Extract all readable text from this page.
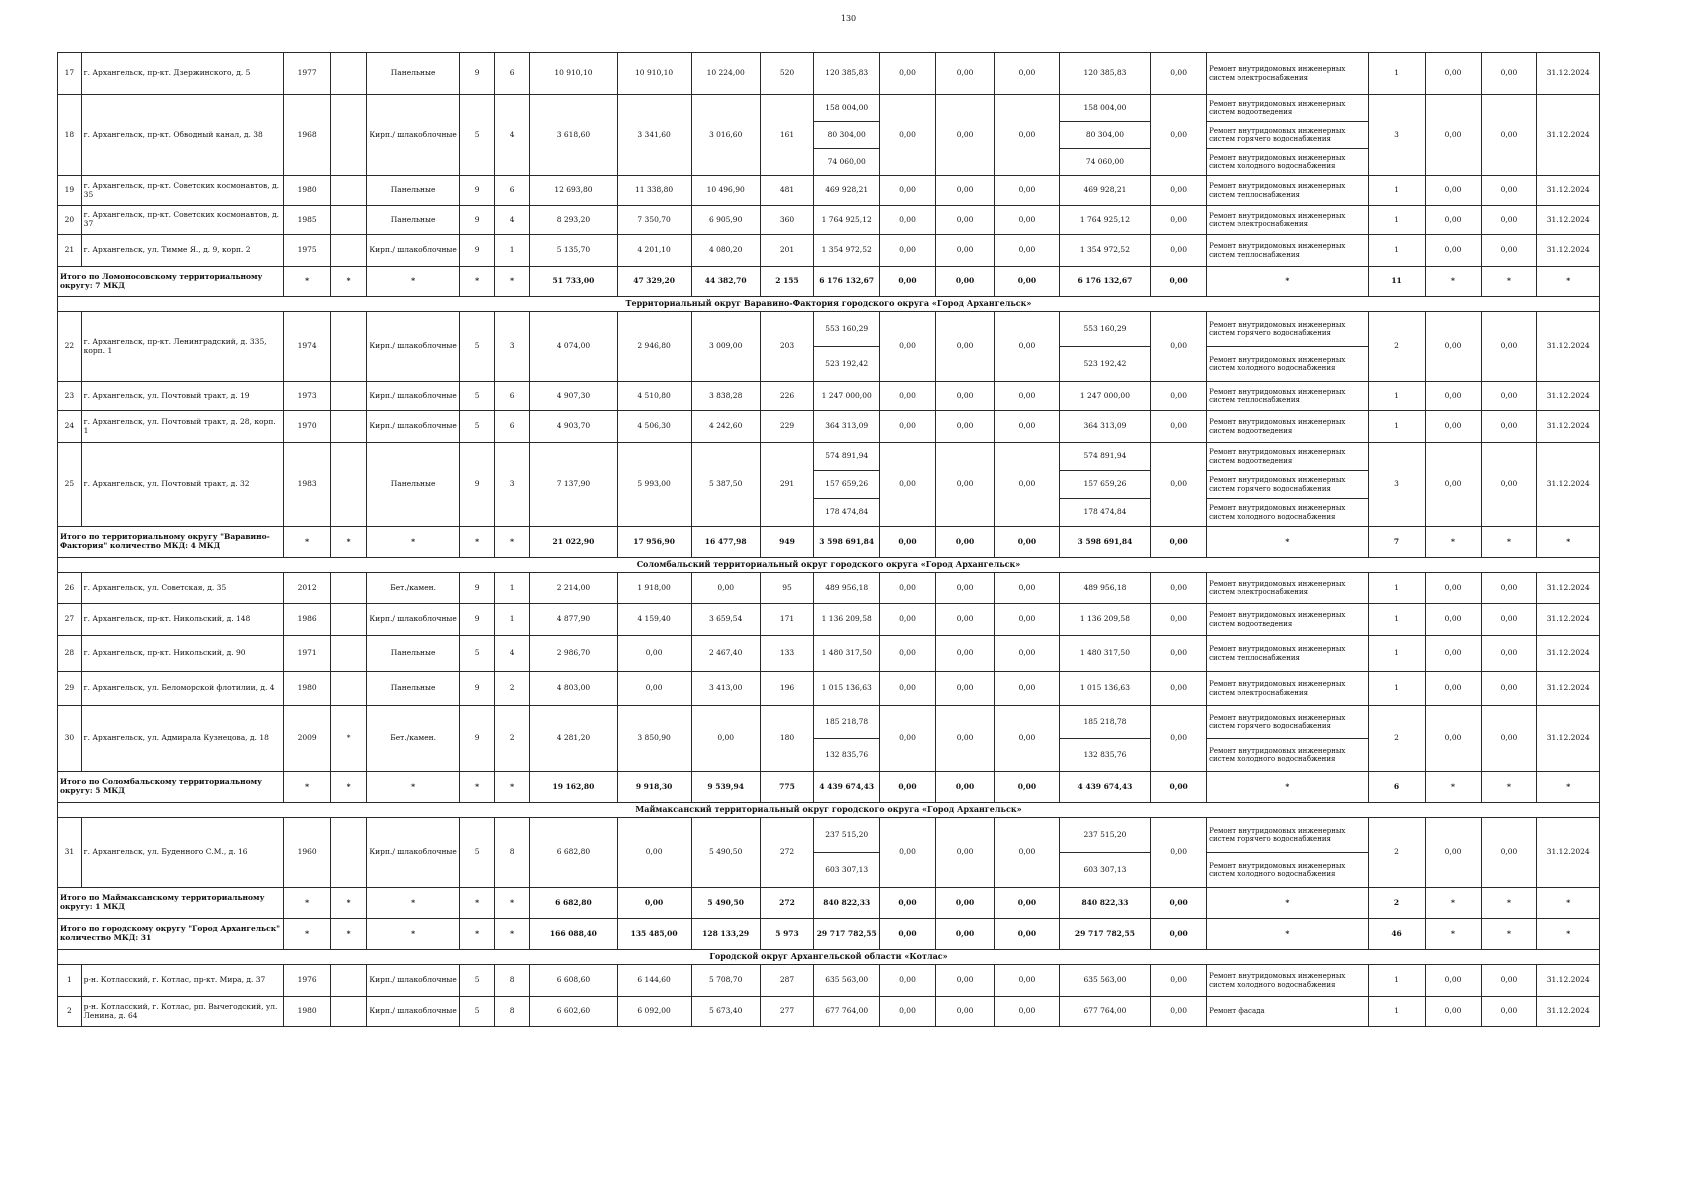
130
17	г. Архангельск, пр-кт. Дзержинского, д. 5	1977		Панельные	9	6	10 910,10	10 910,10	10 224,00	520	120 385,83	0,00	0,00	0,00	120 385,83	0,00	Ремонт внутридомовых инженерных систем электроснабжения	1	0,00	0,00	31.12.2024
18	г. Архангельск, пр-кт. Обводный канал, д. 38	1968		Кирп./ шлакоблочные	5	4	3 618,60	3 341,60	3 016,60	161	158 004,00	0,00	0,00	0,00	158 004,00	0,00	Ремонт внутридомовых инженерных систем водоотведения	3	0,00	0,00	31.12.2024
											80 304,00				80 304,00		Ремонт внутридомовых инженерных систем горячего водоснабжения				
											74 060,00				74 060,00		Ремонт внутридомовых инженерных систем холодного водоснабжения				
19	г. Архангельск, пр-кт. Советских космонавтов, д. 35	1980		Панельные	9	6	12 693,80	11 338,80	10 496,90	481	469 928,21	0,00	0,00	0,00	469 928,21	0,00	Ремонт внутридомовых инженерных систем теплоснабжения	1	0,00	0,00	31.12.2024
20	г. Архангельск, пр-кт. Советских космонавтов, д. 37	1985		Панельные	9	4	8 293,20	7 350,70	6 905,90	360	1 764 925,12	0,00	0,00	0,00	1 764 925,12	0,00	Ремонт внутридомовых инженерных систем электроснабжения	1	0,00	0,00	31.12.2024
21	г. Архангельск, ул. Тимме Я., д. 9, корп. 2	1975		Кирп./ шлакоблочные	9	1	5 135,70	4 201,10	4 080,20	201	1 354 972,52	0,00	0,00	0,00	1 354 972,52	0,00	Ремонт внутридомовых инженерных систем теплоснабжения	1	0,00	0,00	31.12.2024
Итого по Ломоносовскому территориальному округу: 7 МКД		*	*	*	*	*	51 733,00	47 329,20	44 382,70	2 155	6 176 132,67	0,00	0,00	0,00	6 176 132,67	0,00	*	11	*	*	*
Территориальный округ Варавино-Фактория городского округа «Город Архангельск»																					
22	г. Архангельск, пр-кт. Ленинградский, д. 335, корп. 1	1974		Кирп./ шлакоблочные	5	3	4 074,00	2 946,80	3 009,00	203	553 160,29	0,00	0,00	0,00	553 160,29	0,00	Ремонт внутридомовых инженерных систем горячего водоснабжения	2	0,00	0,00	31.12.2024
											523 192,42				523 192,42		Ремонт внутридомовых инженерных систем холодного водоснабжения				
23	г. Архангельск, ул. Почтовый тракт, д. 19	1973		Кирп./ шлакоблочные	5	6	4 907,30	4 510,80	3 838,28	226	1 247 000,00	0,00	0,00	0,00	1 247 000,00	0,00	Ремонт внутридомовых инженерных систем теплоснабжения	1	0,00	0,00	31.12.2024
24	г. Архангельск, ул. Почтовый тракт, д. 28, корп. 1	1970		Кирп./ шлакоблочные	5	6	4 903,70	4 506,30	4 242,60	229	364 313,09	0,00	0,00	0,00	364 313,09	0,00	Ремонт внутридомовых инженерных систем водоотведения	1	0,00	0,00	31.12.2024
25	г. Архангельск, ул. Почтовый тракт, д. 32	1983		Панельные	9	3	7 137,90	5 993,00	5 387,50	291	574 891,94	0,00	0,00	0,00	574 891,94	0,00	Ремонт внутридомовых инженерных систем водоотведения	3	0,00	0,00	31.12.2024
											157 659,26				157 659,26		Ремонт внутридомовых инженерных систем горячего водоснабжения				
											178 474,84				178 474,84		Ремонт внутридомовых инженерных систем холодного водоснабжения				
Итого по территориальному округу "Варавино-Фактория" количество МКД: 4 МКД		*	*	*	*	*	21 022,90	17 956,90	16 477,98	949	3 598 691,84	0,00	0,00	0,00	3 598 691,84	0,00	*	7	*	*	*
Соломбальский территориальный округ городского округа «Город Архангельск»																					
26	г. Архангельск, ул. Советская, д. 35	2012		Бет./камен.	9	1	2 214,00	1 918,00	0,00	95	489 956,18	0,00	0,00	0,00	489 956,18	0,00	Ремонт внутридомовых инженерных систем электроснабжения	1	0,00	0,00	31.12.2024
27	г. Архангельск, пр-кт. Никольский, д. 148	1986		Кирп./ шлакоблочные	9	1	4 877,90	4 159,40	3 659,54	171	1 136 209,58	0,00	0,00	0,00	1 136 209,58	0,00	Ремонт внутридомовых инженерных систем водоотведения	1	0,00	0,00	31.12.2024
28	г. Архангельск, пр-кт. Никольский, д. 90	1971		Панельные	5	4	2 986,70	0,00	2 467,40	133	1 480 317,50	0,00	0,00	0,00	1 480 317,50	0,00	Ремонт внутридомовых инженерных систем теплоснабжения	1	0,00	0,00	31.12.2024
29	г. Архангельск, ул. Беломорской флотилии, д. 4	1980		Панельные	9	2	4 803,00	0,00	3 413,00	196	1 015 136,63	0,00	0,00	0,00	1 015 136,63	0,00	Ремонт внутридомовых инженерных систем электроснабжения	1	0,00	0,00	31.12.2024
30	г. Архангельск, ул. Адмирала Кузнецова, д. 18	2009	*	Бет./камен.	9	2	4 281,20	3 850,90	0,00	180	185 218,78	0,00	0,00	0,00	185 218,78	0,00	Ремонт внутридомовых инженерных систем горячего водоснабжения	2	0,00	0,00	31.12.2024
											132 835,76				132 835,76		Ремонт внутридомовых инженерных систем холодного водоснабжения				
Итого по Соломбальскому территориальному округу: 5 МКД		*	*	*	*	*	19 162,80	9 918,30	9 539,94	775	4 439 674,43	0,00	0,00	0,00	4 439 674,43	0,00	*	6	*	*	*
Маймаксанский территориальный округ городского округа «Город Архангельск»																					
31	г. Архангельск, ул. Буденного С.М., д. 16	1960		Кирп./ шлакоблочные	5	8	6 682,80	0,00	5 490,50	272	237 515,20	0,00	0,00	0,00	237 515,20	0,00	Ремонт внутридомовых инженерных систем горячего водоснабжения	2	0,00	0,00	31.12.2024
											603 307,13				603 307,13		Ремонт внутридомовых инженерных систем холодного водоснабжения				
Итого по Маймаксанскому территориальному округу: 1 МКД		*	*	*	*	*	6 682,80	0,00	5 490,50	272	840 822,33	0,00	0,00	0,00	840 822,33	0,00	*	2	*	*	*
Итого по городскому округу "Город Архангельск" количество МКД: 31		*	*	*	*	*	166 088,40	135 485,00	128 133,29	5 973	29 717 782,55	0,00	0,00	0,00	29 717 782,55	0,00	*	46	*	*	*
Городской округ Архангельской области «Котлас»																					
1	р-н. Котласский, г. Котлас, пр-кт. Мира, д. 37	1976		Кирп./ шлакоблочные	5	8	6 608,60	6 144,60	5 708,70	287	635 563,00	0,00	0,00	0,00	635 563,00	0,00	Ремонт внутридомовых инженерных систем холодного водоснабжения	1	0,00	0,00	31.12.2024
2	р-н. Котласский, г. Котлас, рп. Вычегодский, ул. Ленина, д. 64	1980		Кирп./ шлакоблочные	5	8	6 602,60	6 092,00	5 673,40	277	677 764,00	0,00	0,00	0,00	677 764,00	0,00	Ремонт фасада	1	0,00	0,00	31.12.2024
